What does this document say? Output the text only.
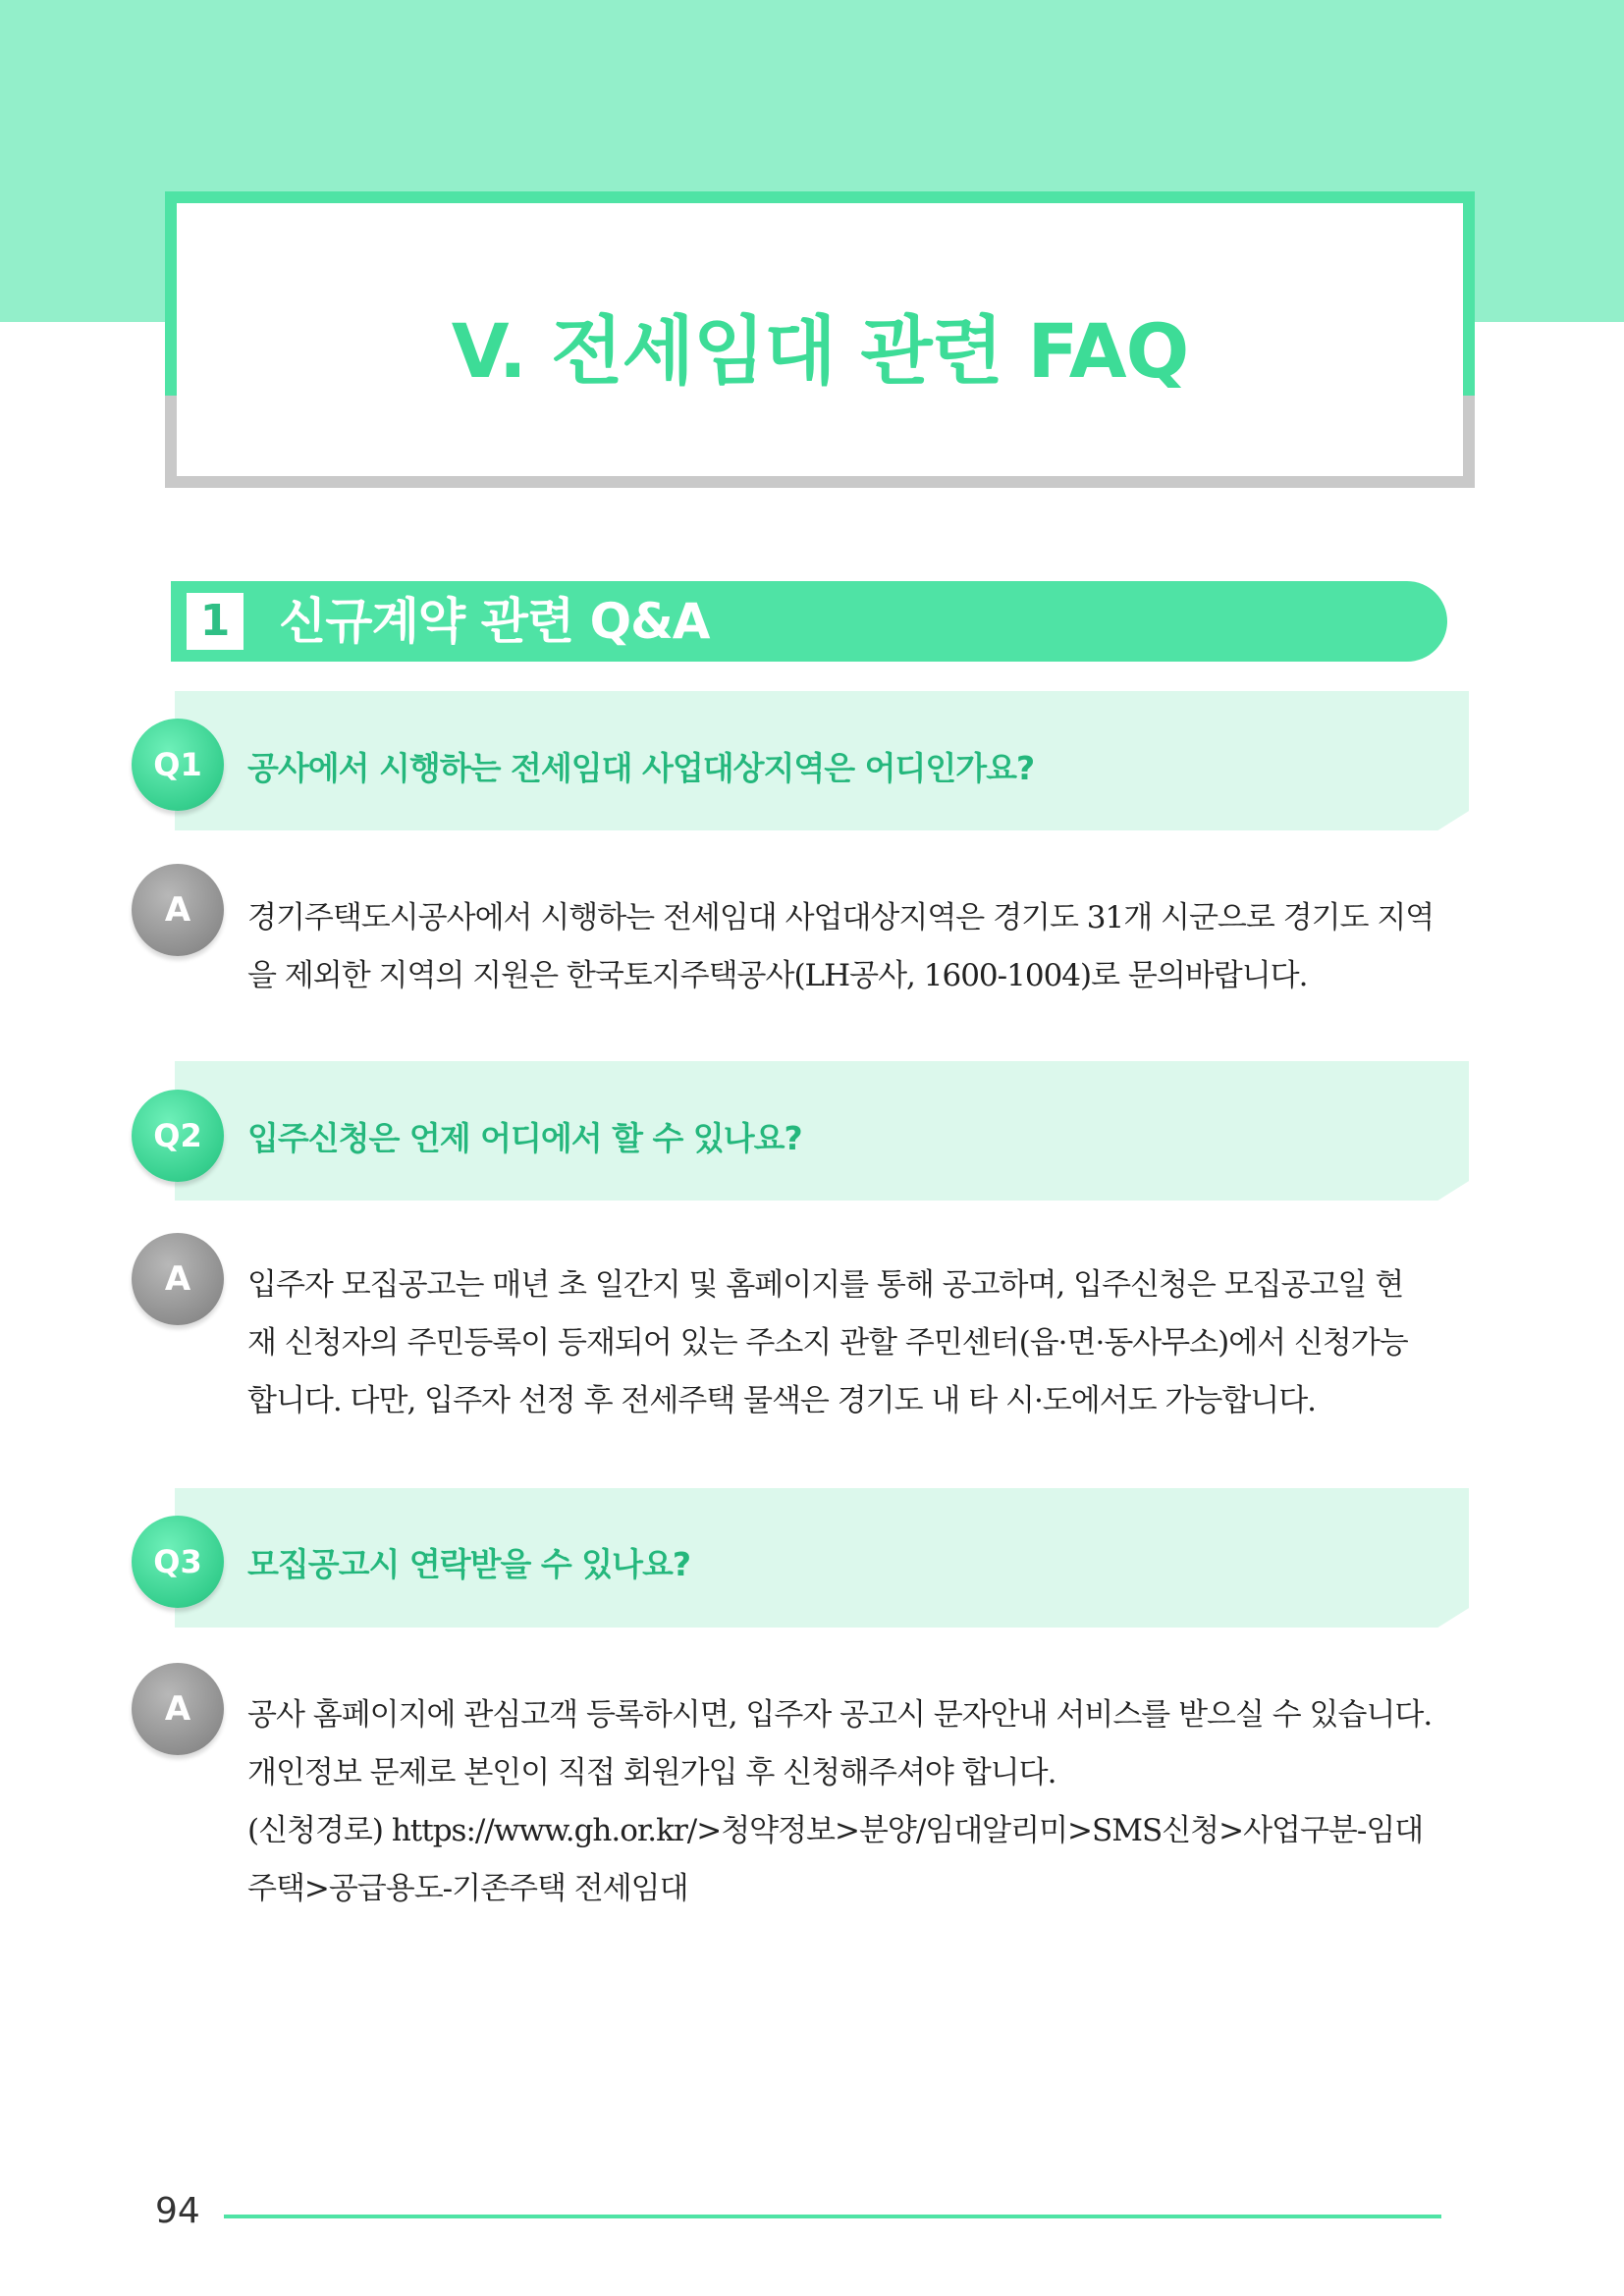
V. 전세임대 관련 FAQ
1 신규계약 관련 Q&A
Q1	공사에서 시행하는 전세임대 사업대상지역은 어디인가요?
A	경기주택도시공사에서 시행하는 전세임대 사업대상지역은 경기도 31개 시군으로 경기도 지역
을 제외한 지역의 지원은 한국토지주택공사(LH공사, 1600-1004)로 문의바랍니다.
Q2	입주신청은 언제 어디에서 할 수 있나요?
A	입주자 모집공고는 매년 초 일간지 및 홈페이지를 통해 공고하며, 입주신청은 모집공고일 현
재 신청자의 주민등록이 등재되어 있는 주소지 관할 주민센터(읍·면·동사무소)에서 신청가능
합니다. 다만, 입주자 선정 후 전세주택 물색은 경기도 내 타 시·도에서도 가능합니다.
Q3	모집공고시 연락받을 수 있나요?
A	공사 홈페이지에 관심고객 등록하시면, 입주자 공고시 문자안내 서비스를 받으실 수 있습니다.
개인정보 문제로 본인이 직접 회원가입 후 신청해주셔야 합니다.
(신청경로) https://www.gh.or.kr/>청약정보>분양/임대알리미>SMS신청>사업구분-임대
주택>공급용도-기존주택 전세임대
94
